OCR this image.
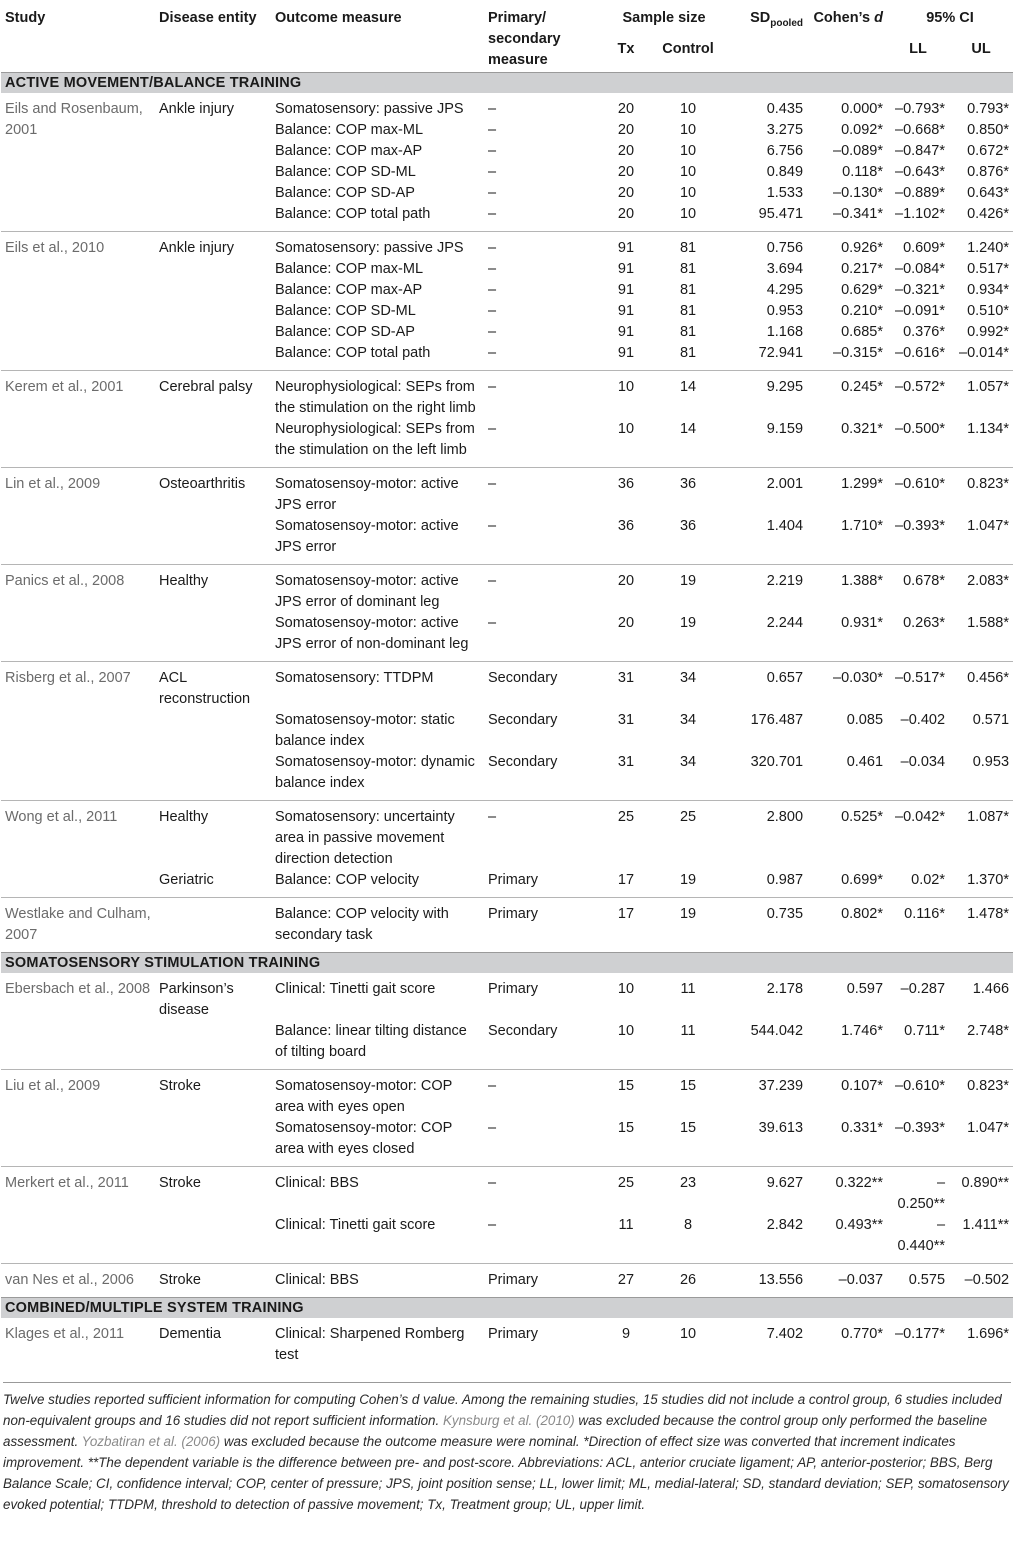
Study	Disease entity	Outcome measure	Primary/ secondary measure	Sample size		$SD_{pooled}$	Cohen’s d	95% CI	
				Tx	Control			LL	UL
ACTIVE MOVEMENT/BALANCE TRAINING									
Eils and Rosenbaum, 2001	Ankle injury	Somatosensory: passive JPS	–	20	10	0.435	0.000*	–0.793*	0.793*
		Balance: COP max-ML	–	20	10	3.275	0.092*	–0.668*	0.850*
		Balance: COP max-AP	–	20	10	6.756	–0.089*	–0.847*	0.672*
		Balance: COP SD-ML	–	20	10	0.849	0.118*	–0.643*	0.876*
		Balance: COP SD-AP	–	20	10	1.533	–0.130*	–0.889*	0.643*
		Balance: COP total path	–	20	10	95.471	–0.341*	–1.102*	0.426*
Eils et al., 2010	Ankle injury	Somatosensory: passive JPS	–	91	81	0.756	0.926*	0.609*	1.240*
		Balance: COP max-ML	–	91	81	3.694	0.217*	–0.084*	0.517*
		Balance: COP max-AP	–	91	81	4.295	0.629*	–0.321*	0.934*
		Balance: COP SD-ML	–	91	81	0.953	0.210*	–0.091*	0.510*
		Balance: COP SD-AP	–	91	81	1.168	0.685*	0.376*	0.992*
		Balance: COP total path	–	91	81	72.941	–0.315*	–0.616*	–0.014*
Kerem et al., 2001	Cerebral palsy	Neurophysiological: SEPs from the stimulation on the right limb	–	10	14	9.295	0.245*	–0.572*	1.057*
		Neurophysiological: SEPs from the stimulation on the left limb	–	10	14	9.159	0.321*	–0.500*	1.134*
Lin et al., 2009	Osteoarthritis	Somatosensoy-motor: active JPS error	–	36	36	2.001	1.299*	–0.610*	0.823*
		Somatosensoy-motor: active JPS error	–	36	36	1.404	1.710*	–0.393*	1.047*
Panics et al., 2008	Healthy	Somatosensoy-motor: active JPS error of dominant leg	–	20	19	2.219	1.388*	0.678*	2.083*
		Somatosensoy-motor: active JPS error of non-dominant leg	–	20	19	2.244	0.931*	0.263*	1.588*
Risberg et al., 2007	ACL reconstruction	Somatosensory: TTDPM	Secondary	31	34	0.657	–0.030*	–0.517*	0.456*
		Somatosensoy-motor: static balance index	Secondary	31	34	176.487	0.085	–0.402	0.571
		Somatosensoy-motor: dynamic balance index	Secondary	31	34	320.701	0.461	–0.034	0.953
Wong et al., 2011	Healthy	Somatosensory: uncertainty area in passive movement direction detection	–	25	25	2.800	0.525*	–0.042*	1.087*
	Geriatric	Balance: COP velocity	Primary	17	19	0.987	0.699*	0.02*	1.370*
Westlake and Culham, 2007		Balance: COP velocity with secondary task	Primary	17	19	0.735	0.802*	0.116*	1.478*
SOMATOSENSORY STIMULATION TRAINING									
Ebersbach et al., 2008	Parkinson’s disease	Clinical: Tinetti gait score	Primary	10	11	2.178	0.597	–0.287	1.466
		Balance: linear tilting distance of tilting board	Secondary	10	11	544.042	1.746*	0.711*	2.748*
Liu et al., 2009	Stroke	Somatosensoy-motor: COP area with eyes open	–	15	15	37.239	0.107*	–0.610*	0.823*
		Somatosensoy-motor: COP area with eyes closed	–	15	15	39.613	0.331*	–0.393*	1.047*
Merkert et al., 2011	Stroke	Clinical: BBS	–	25	23	9.627	0.322**	–0.250**	0.890**
		Clinical: Tinetti gait score	–	11	8	2.842	0.493**	–0.440**	1.411**
van Nes et al., 2006	Stroke	Clinical: BBS	Primary	27	26	13.556	–0.037	0.575	–0.502
COMBINED/MULTIPLE SYSTEM TRAINING									
Klages et al., 2011	Dementia	Clinical: Sharpened Romberg test	Primary	9	10	7.402	0.770*	–0.177*	1.696*
Twelve studies reported sufficient information for computing Cohen’s d value. Among the remaining studies, 15 studies did not include a control group, 6 studies included non-equivalent groups and 16 studies did not report sufficient information. Kynsburg et al. (2010) was excluded because the control group only performed the baseline assessment. Yozbatiran et al. (2006) was excluded because the outcome measure were nominal. *Direction of effect size was converted that increment indicates improvement. **The dependent variable is the difference between pre- and post-score. Abbreviations: ACL, anterior cruciate ligament; AP, anterior-posterior; BBS, Berg Balance Scale; CI, confidence interval; COP, center of pressure; JPS, joint position sense; LL, lower limit; ML, medial-lateral; SD, standard deviation; SEP, somatosensory evoked potential; TTDPM, threshold to detection of passive movement; Tx, Treatment group; UL, upper limit.
